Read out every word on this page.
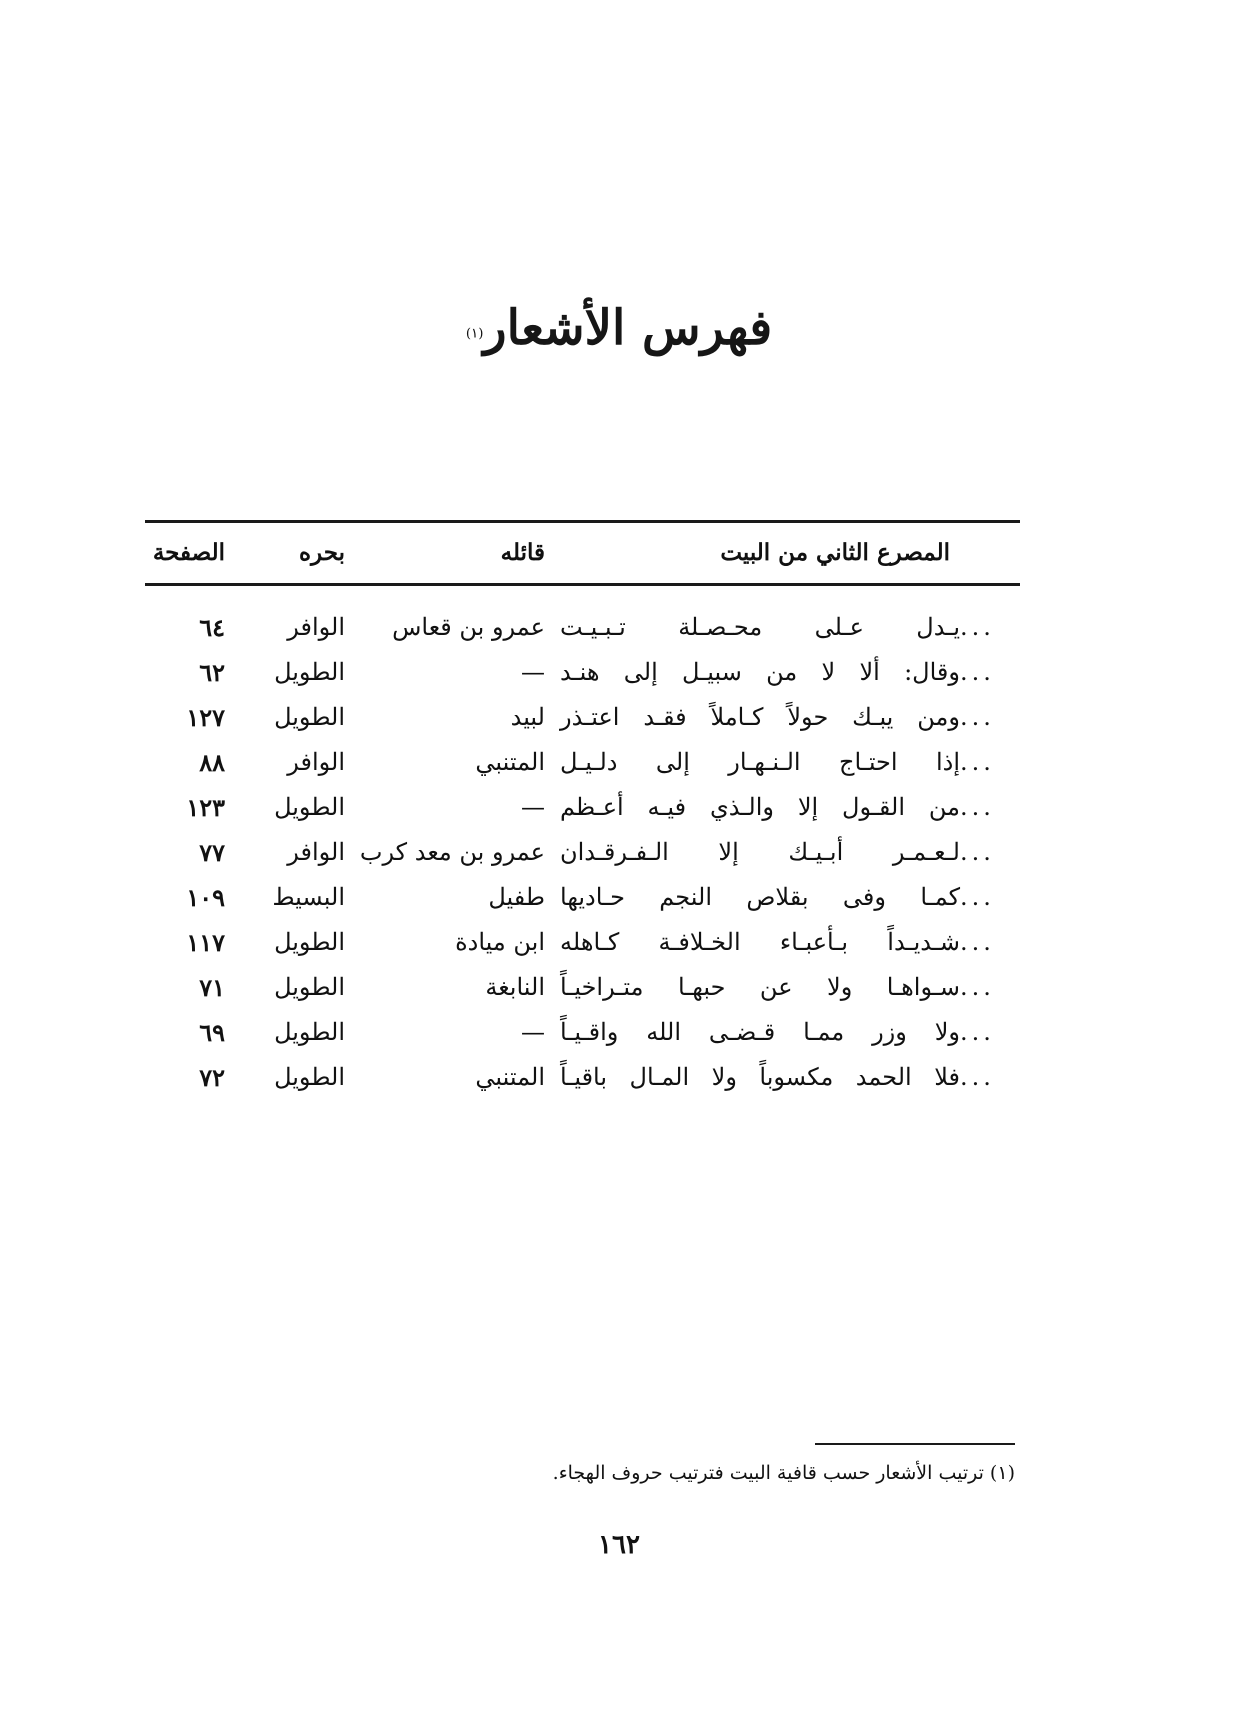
فهرس الأشعار$^{(١)}$
المصرع الثاني من البيت
قائله
بحره
الصفحة
...
يـدل عـلى محـصـلة تـبـيـت
عمرو بن قعاس
الوافر
٦٤
...
وقال: ألا لا من سبيـل إلى هنـد
—
الطويل
٦٢
...
ومن يبـك حولاً كـاملاً فقـد اعتـذر
لبيد
الطويل
١٢٧
...
إذا احتـاج الـنـهـار إلى دلـيـل
المتنبي
الوافر
٨٨
...
من القـول إلا والـذي فيـه أعـظم
—
الطويل
١٢٣
...
لـعـمـر أبـيـك إلا الـفـرقـدان
عمرو بن معد كرب
الوافر
٧٧
...
كمـا وفى بقلاص النجم حـاديها
طفيل
البسيط
١٠٩
...
شـديـداً بـأعبـاء الخـلافـة كـاهله
ابن ميادة
الطويل
١١٧
...
سـواهـا ولا عن حبهـا متـراخيـاً
النابغة
الطويل
٧١
...
ولا وزر ممـا قـضـى الله واقـيـاً
—
الطويل
٦٩
...
فلا الحمد مكسوباً ولا المـال باقيـاً
المتنبي
الطويل
٧٢
(١) ترتيب الأشعار حسب قافية البيت فترتيب حروف الهجاء.
١٦٢
